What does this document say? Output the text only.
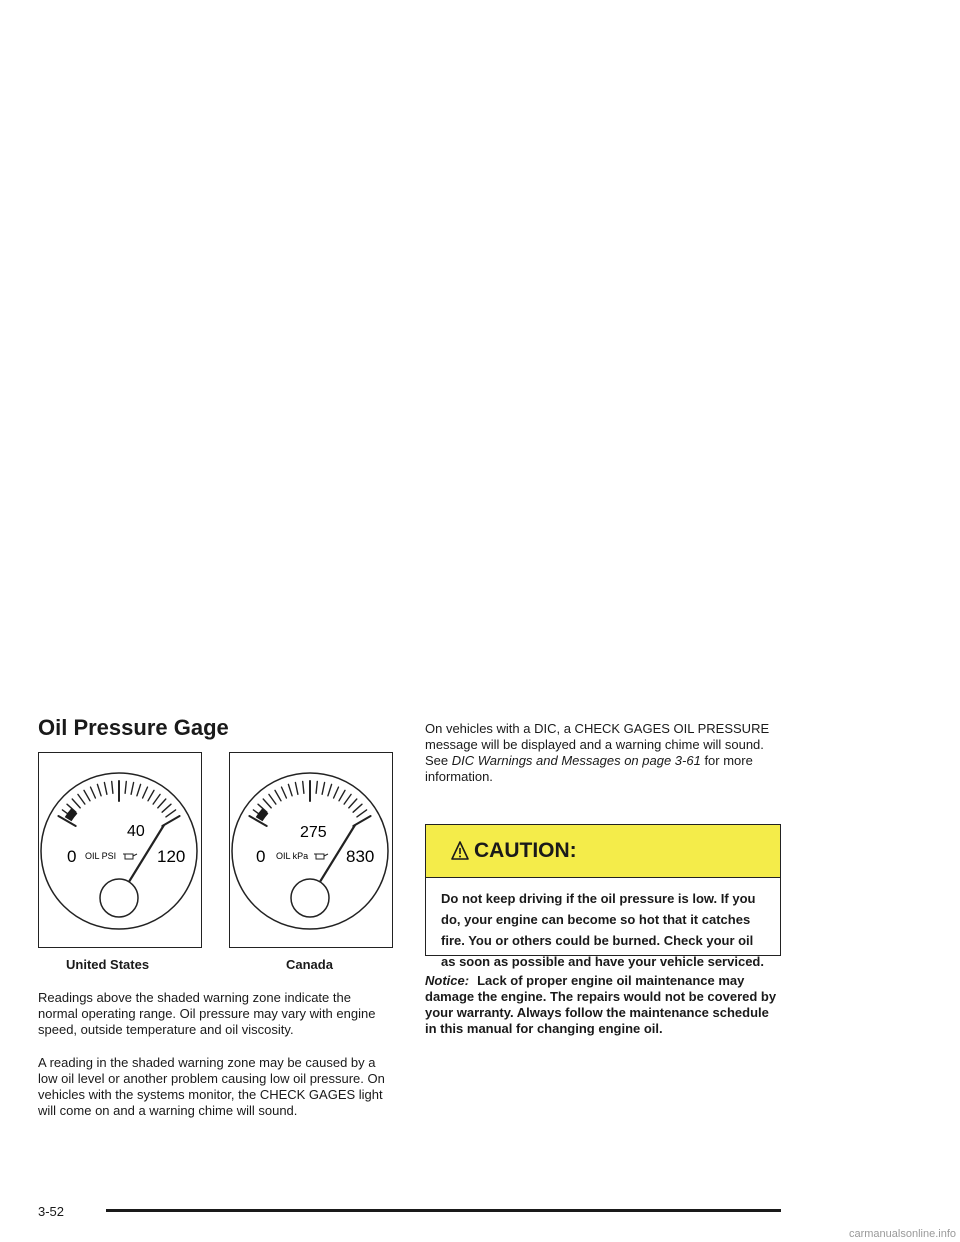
Oil Pressure Gage
40
0	120
OIL PSI
United States
275
0	830
OIL kPa
Canada

Readings above the shaded warning zone indicate the normal operating range. Oil pressure may vary with engine speed, outside temperature and oil viscosity.

A reading in the shaded warning zone may be caused by a low oil level or another problem causing low oil pressure. On vehicles with the systems monitor, the CHECK GAGES light will come on and a warning chime will sound.

On vehicles with a DIC, a CHECK GAGES OIL PRESSURE message will be displayed and a warning chime will sound. See DIC Warnings and Messages on page 3-61 for more information.

CAUTION:
Do not keep driving if the oil pressure is low. If you do, your engine can become so hot that it catches fire. You or others could be burned. Check your oil as soon as possible and have your vehicle serviced.

Notice: Lack of proper engine oil maintenance may damage the engine. The repairs would not be covered by your warranty. Always follow the maintenance schedule in this manual for changing engine oil.

3-52
carmanualsonline.info
